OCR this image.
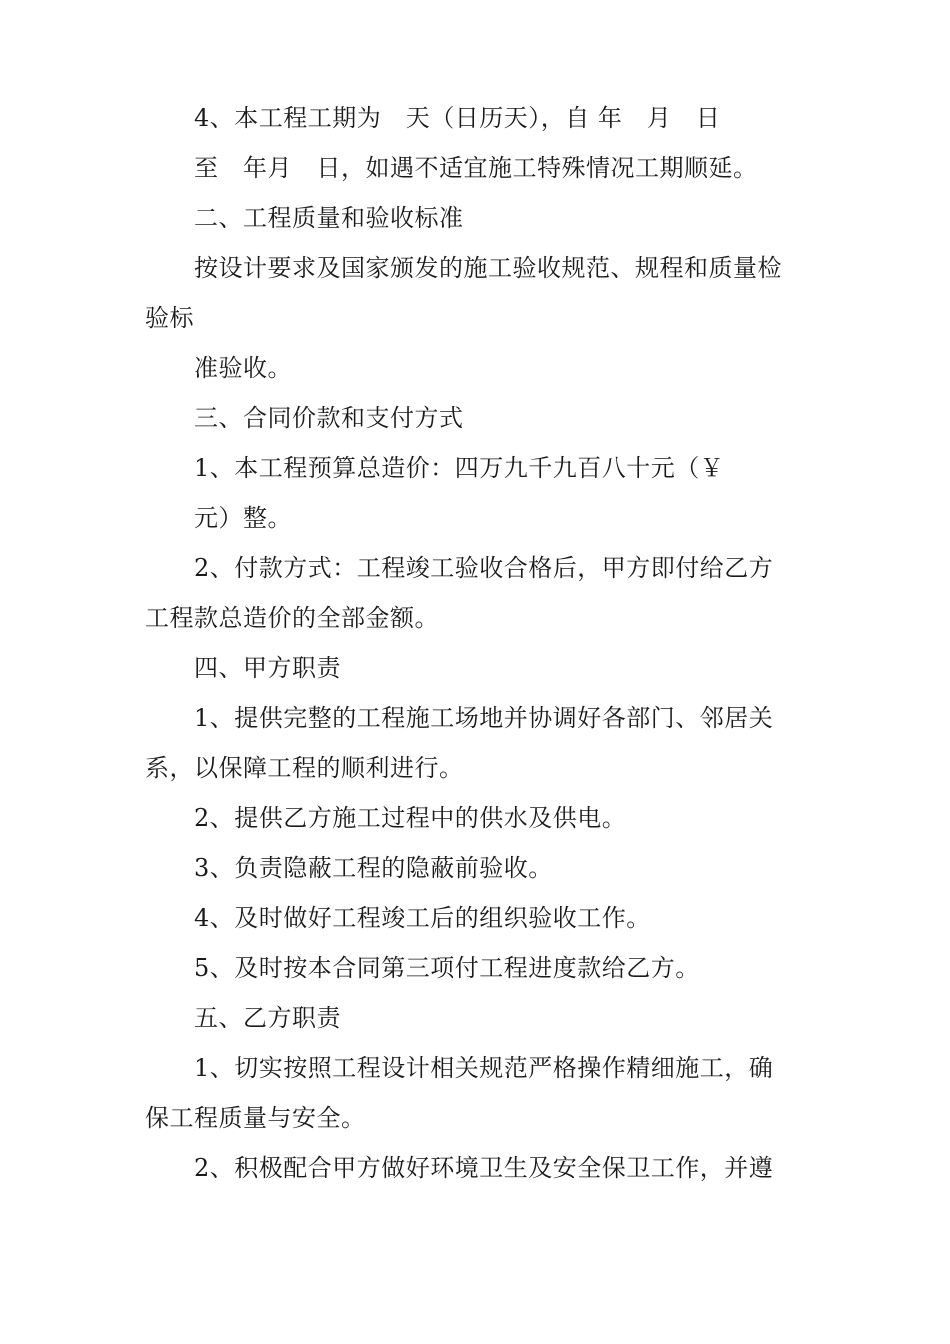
4、本工程工期为　天（日历天），自 年　月　日
至　年月　日，如遇不适宜施工特殊情况工期顺延。
二、工程质量和验收标准
按设计要求及国家颁发的施工验收规范、规程和质量检
验标
准验收。
三、合同价款和支付方式
1、本工程预算总造价：四万九千九百八十元（￥
元）整。
2、付款方式：工程竣工验收合格后，甲方即付给乙方
工程款总造价的全部金额。
四、甲方职责
1、提供完整的工程施工场地并协调好各部门、邻居关
系，以保障工程的顺利进行。
2、提供乙方施工过程中的供水及供电。
3、负责隐蔽工程的隐蔽前验收。
4、及时做好工程竣工后的组织验收工作。
5、及时按本合同第三项付工程进度款给乙方。
五、乙方职责
1、切实按照工程设计相关规范严格操作精细施工，确
保工程质量与安全。
2、积极配合甲方做好环境卫生及安全保卫工作，并遵
